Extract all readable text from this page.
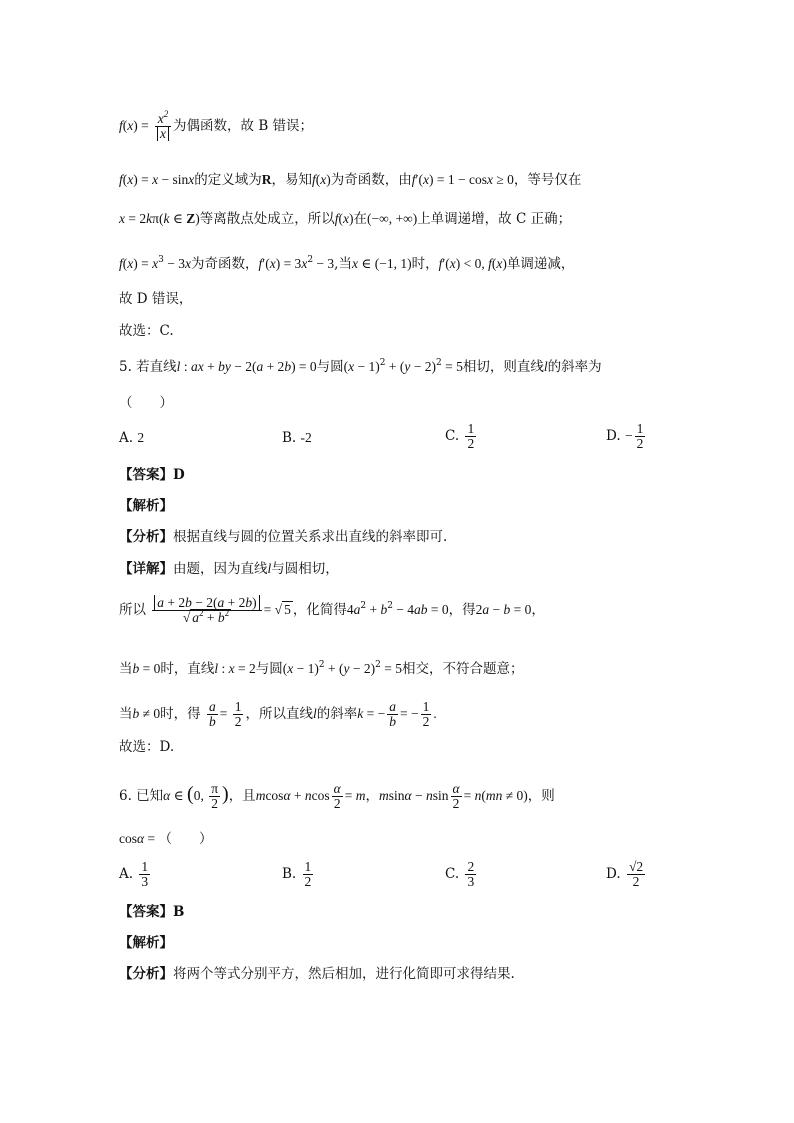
$f(x) = \frac{x^2}{x}$ 为偶函数，故 B 错误；
f(x) = x − sinx的定义域为R，易知f(x)为奇函数，由f′(x) = 1 − cosx ≥ 0，等号仅在
x = 2kπ(k ∈ Z)等离散点处成立，所以f(x)在(−∞, +∞)上单调递增，故 C 正确；
$f(x) = x^3 - 3x$为奇函数，$f'(x) = 3x^2 - 3$,当x ∈ (−1, 1)时，f′(x) < 0, f(x)单调递减，
故 D 错误，
故选：C.
5. 若直线l : ax + by − 2(a + 2b) = 0与圆$(x - 1)^2 + (y - 2)^2 = 5$相切，则直线l的斜率为
（　　）
A. 2	B. -2	C. $\frac{1}{2}$	D. − $\frac{1}{2}$
【答案】D
【解析】
【分析】根据直线与圆的位置关系求出直线的斜率即可.
【详解】由题，因为直线l与圆相切，
所以 $\frac{a + 2b - 2(a + 2b)}{√ a^2 + b^2}$ = √ 5 ，化简得$4a^2 + b^2 - 4ab = 0$，得2a − b = 0，
当b = 0时，直线l : x = 2与圆$(x - 1)^2 + (y - 2)^2 = 5$相交，不符合题意；
当b ≠ 0时，得 $\frac{a}{b} = \frac{1}{2}$ ，所以直线l的斜率k = − $\frac{a}{b}$ = − $\frac{1}{2}$ .
故选：D.
6. 已知α ∈ (0, $\frac{\pi}{2}$ )，且mcosα + ncos $\frac{\alpha}{2} = m$，msinα − nsin $\frac{\alpha}{2} = n(mn \ne 0)$，则
cosα = （　　）
A. $\frac{1}{3}$	B. $\frac{1}{2}$	C. $\frac{2}{3}$	D. $\frac{√2}{2}$
【答案】B
【解析】
【分析】将两个等式分别平方，然后相加，进行化简即可求得结果.
